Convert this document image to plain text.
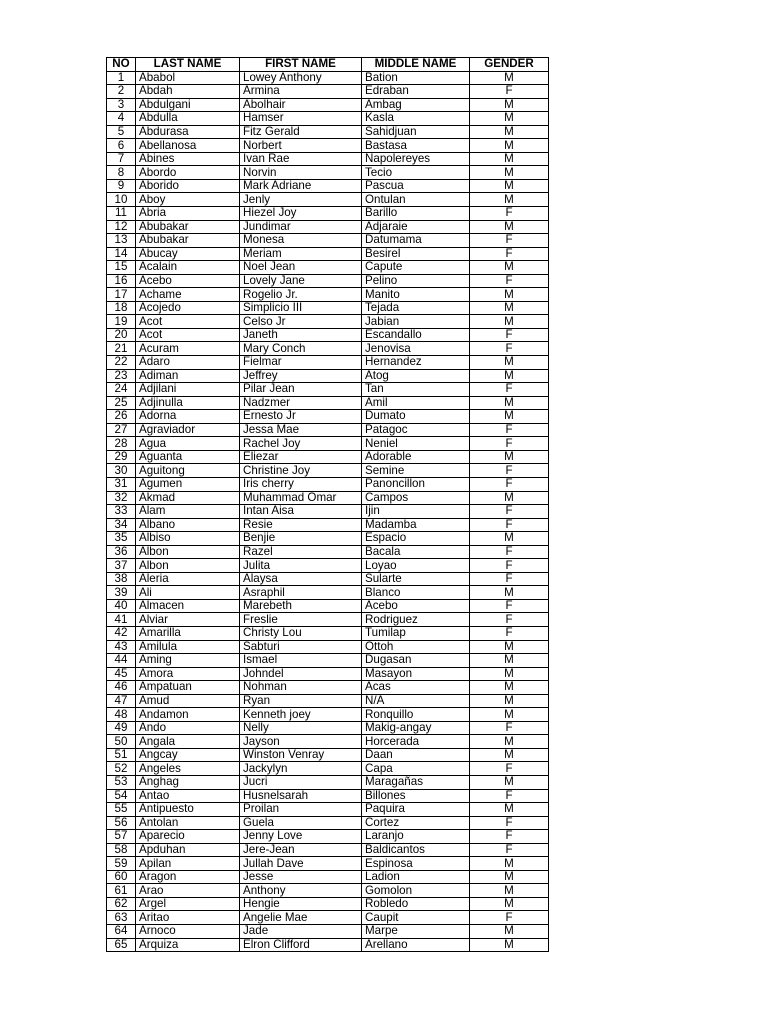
NO	LAST NAME	FIRST NAME	MIDDLE NAME	GENDER
1	Ababol	Lowey Anthony	Bation	M
2	Abdah	Armina	Edraban	F
3	Abdulgani	Abolhair	Ambag	M
4	Abdulla	Hamser	Kasla	M
5	Abdurasa	Fitz Gerald	Sahidjuan	M
6	Abellanosa	Norbert	Bastasa	M
7	Abines	Ivan Rae	Napolereyes	M
8	Abordo	Norvin	Tecio	M
9	Aborido	Mark Adriane	Pascua	M
10	Aboy	Jenly	Ontulan	M
11	Abria	Hiezel Joy	Barillo	F
12	Abubakar	Jundimar	Adjaraie	M
13	Abubakar	Monesa	Datumama	F
14	Abucay	Meriam	Besirel	F
15	Acalain	Noel Jean	Capute	M
16	Acebo	Lovely Jane	Pelino	F
17	Achame	Rogelio Jr.	Manito	M
18	Acojedo	Simplicio III	Tejada	M
19	Acot	Celso Jr	Jabian	M
20	Acot	Janeth	Escandallo	F
21	Acuram	Mary Conch	Jenovisa	F
22	Adaro	Fielmar	Hernandez	M
23	Adiman	Jeffrey	Atog	M
24	Adjilani	Pilar Jean	Tan	F
25	Adjinulla	Nadzmer	Amil	M
26	Adorna	Ernesto Jr	Dumato	M
27	Agraviador	Jessa Mae	Patagoc	F
28	Agua	Rachel Joy	Neniel	F
29	Aguanta	Eliezar	Adorable	M
30	Aguitong	Christine Joy	Semine	F
31	Agumen	Iris cherry	Panoncillon	F
32	Akmad	Muhammad Omar	Campos	M
33	Alam	Intan Aisa	Ijin	F
34	Albano	Resie	Madamba	F
35	Albiso	Benjie	Espacio	M
36	Albon	Razel	Bacala	F
37	Albon	Julita	Loyao	F
38	Aleria	Alaysa	Sularte	F
39	Ali	Asraphil	Blanco	M
40	Almacen	Marebeth	Acebo	F
41	Alviar	Freslie	Rodriguez	F
42	Amarilla	Christy Lou	Tumilap	F
43	Amilula	Sabturi	Ottoh	M
44	Aming	Ismael	Dugasan	M
45	Amora	Johndel	Masayon	M
46	Ampatuan	Nohman	Acas	M
47	Amud	Ryan	N/A	M
48	Andamon	Kenneth joey	Ronquillo	M
49	Ando	Nelly	Makig-angay	F
50	Angala	Jayson	Horcerada	M
51	Angcay	Winston Venray	Daan	M
52	Angeles	Jackylyn	Capa	F
53	Anghag	Jucri	Maragañas	M
54	Antao	Husnelsarah	Billones	F
55	Antipuesto	Proilan	Paquira	M
56	Antolan	Guela	Cortez	F
57	Aparecio	Jenny Love	Laranjo	F
58	Apduhan	Jere-Jean	Baldicantos	F
59	Apilan	Jullah Dave	Espinosa	M
60	Aragon	Jesse	Ladion	M
61	Arao	Anthony	Gomolon	M
62	Argel	Hengie	Robledo	M
63	Aritao	Angelie Mae	Caupit	F
64	Arnoco	Jade	Marpe	M
65	Arquiza	Elron Clifford	Arellano	M
